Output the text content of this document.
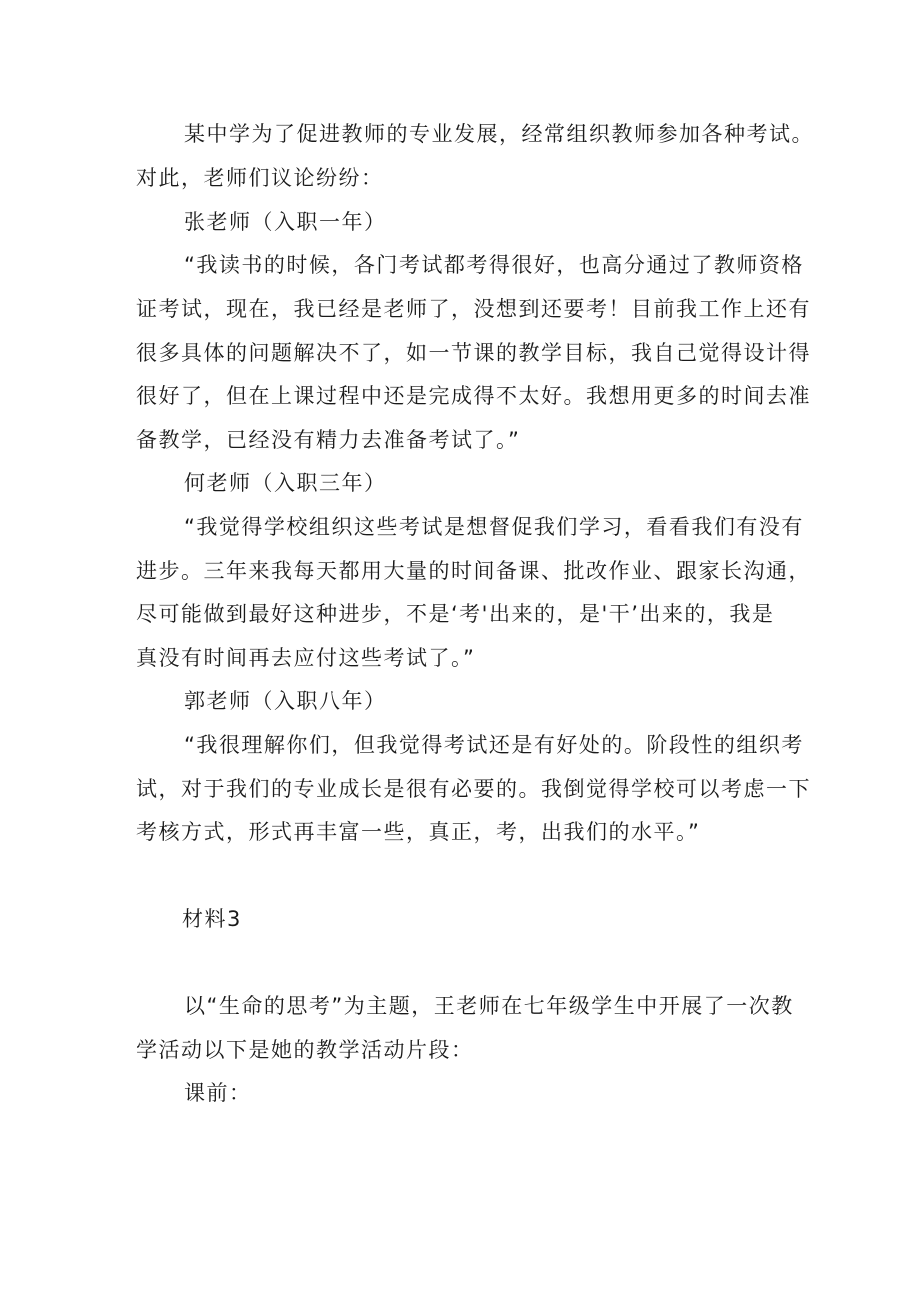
某中学为了促进教师的专业发展，经常组织教师参加各种考试。
对此，老师们议论纷纷：
张老师（入职一年）
“我读书的时候，各门考试都考得很好，也高分通过了教师资格
证考试，现在，我已经是老师了，没想到还要考！目前我工作上还有
很多具体的问题解决不了，如一节课的教学目标，我自己觉得设计得
很好了，但在上课过程中还是完成得不太好。我想用更多的时间去准
备教学，已经没有精力去准备考试了。”
何老师（入职三年）
“我觉得学校组织这些考试是想督促我们学习，看看我们有没有
进步。三年来我每天都用大量的时间备课、批改作业、跟家长沟通，
尽可能做到最好这种进步，不是‘考'出来的，是'干’出来的，我是
真没有时间再去应付这些考试了。”
郭老师（入职八年）
“我很理解你们，但我觉得考试还是有好处的。阶段性的组织考
试，对于我们的专业成长是很有必要的。我倒觉得学校可以考虑一下
考核方式，形式再丰富一些，真正，考，出我们的水平。”
材料3
以“生命的思考”为主题，王老师在七年级学生中开展了一次教
学活动以下是她的教学活动片段：
课前：
